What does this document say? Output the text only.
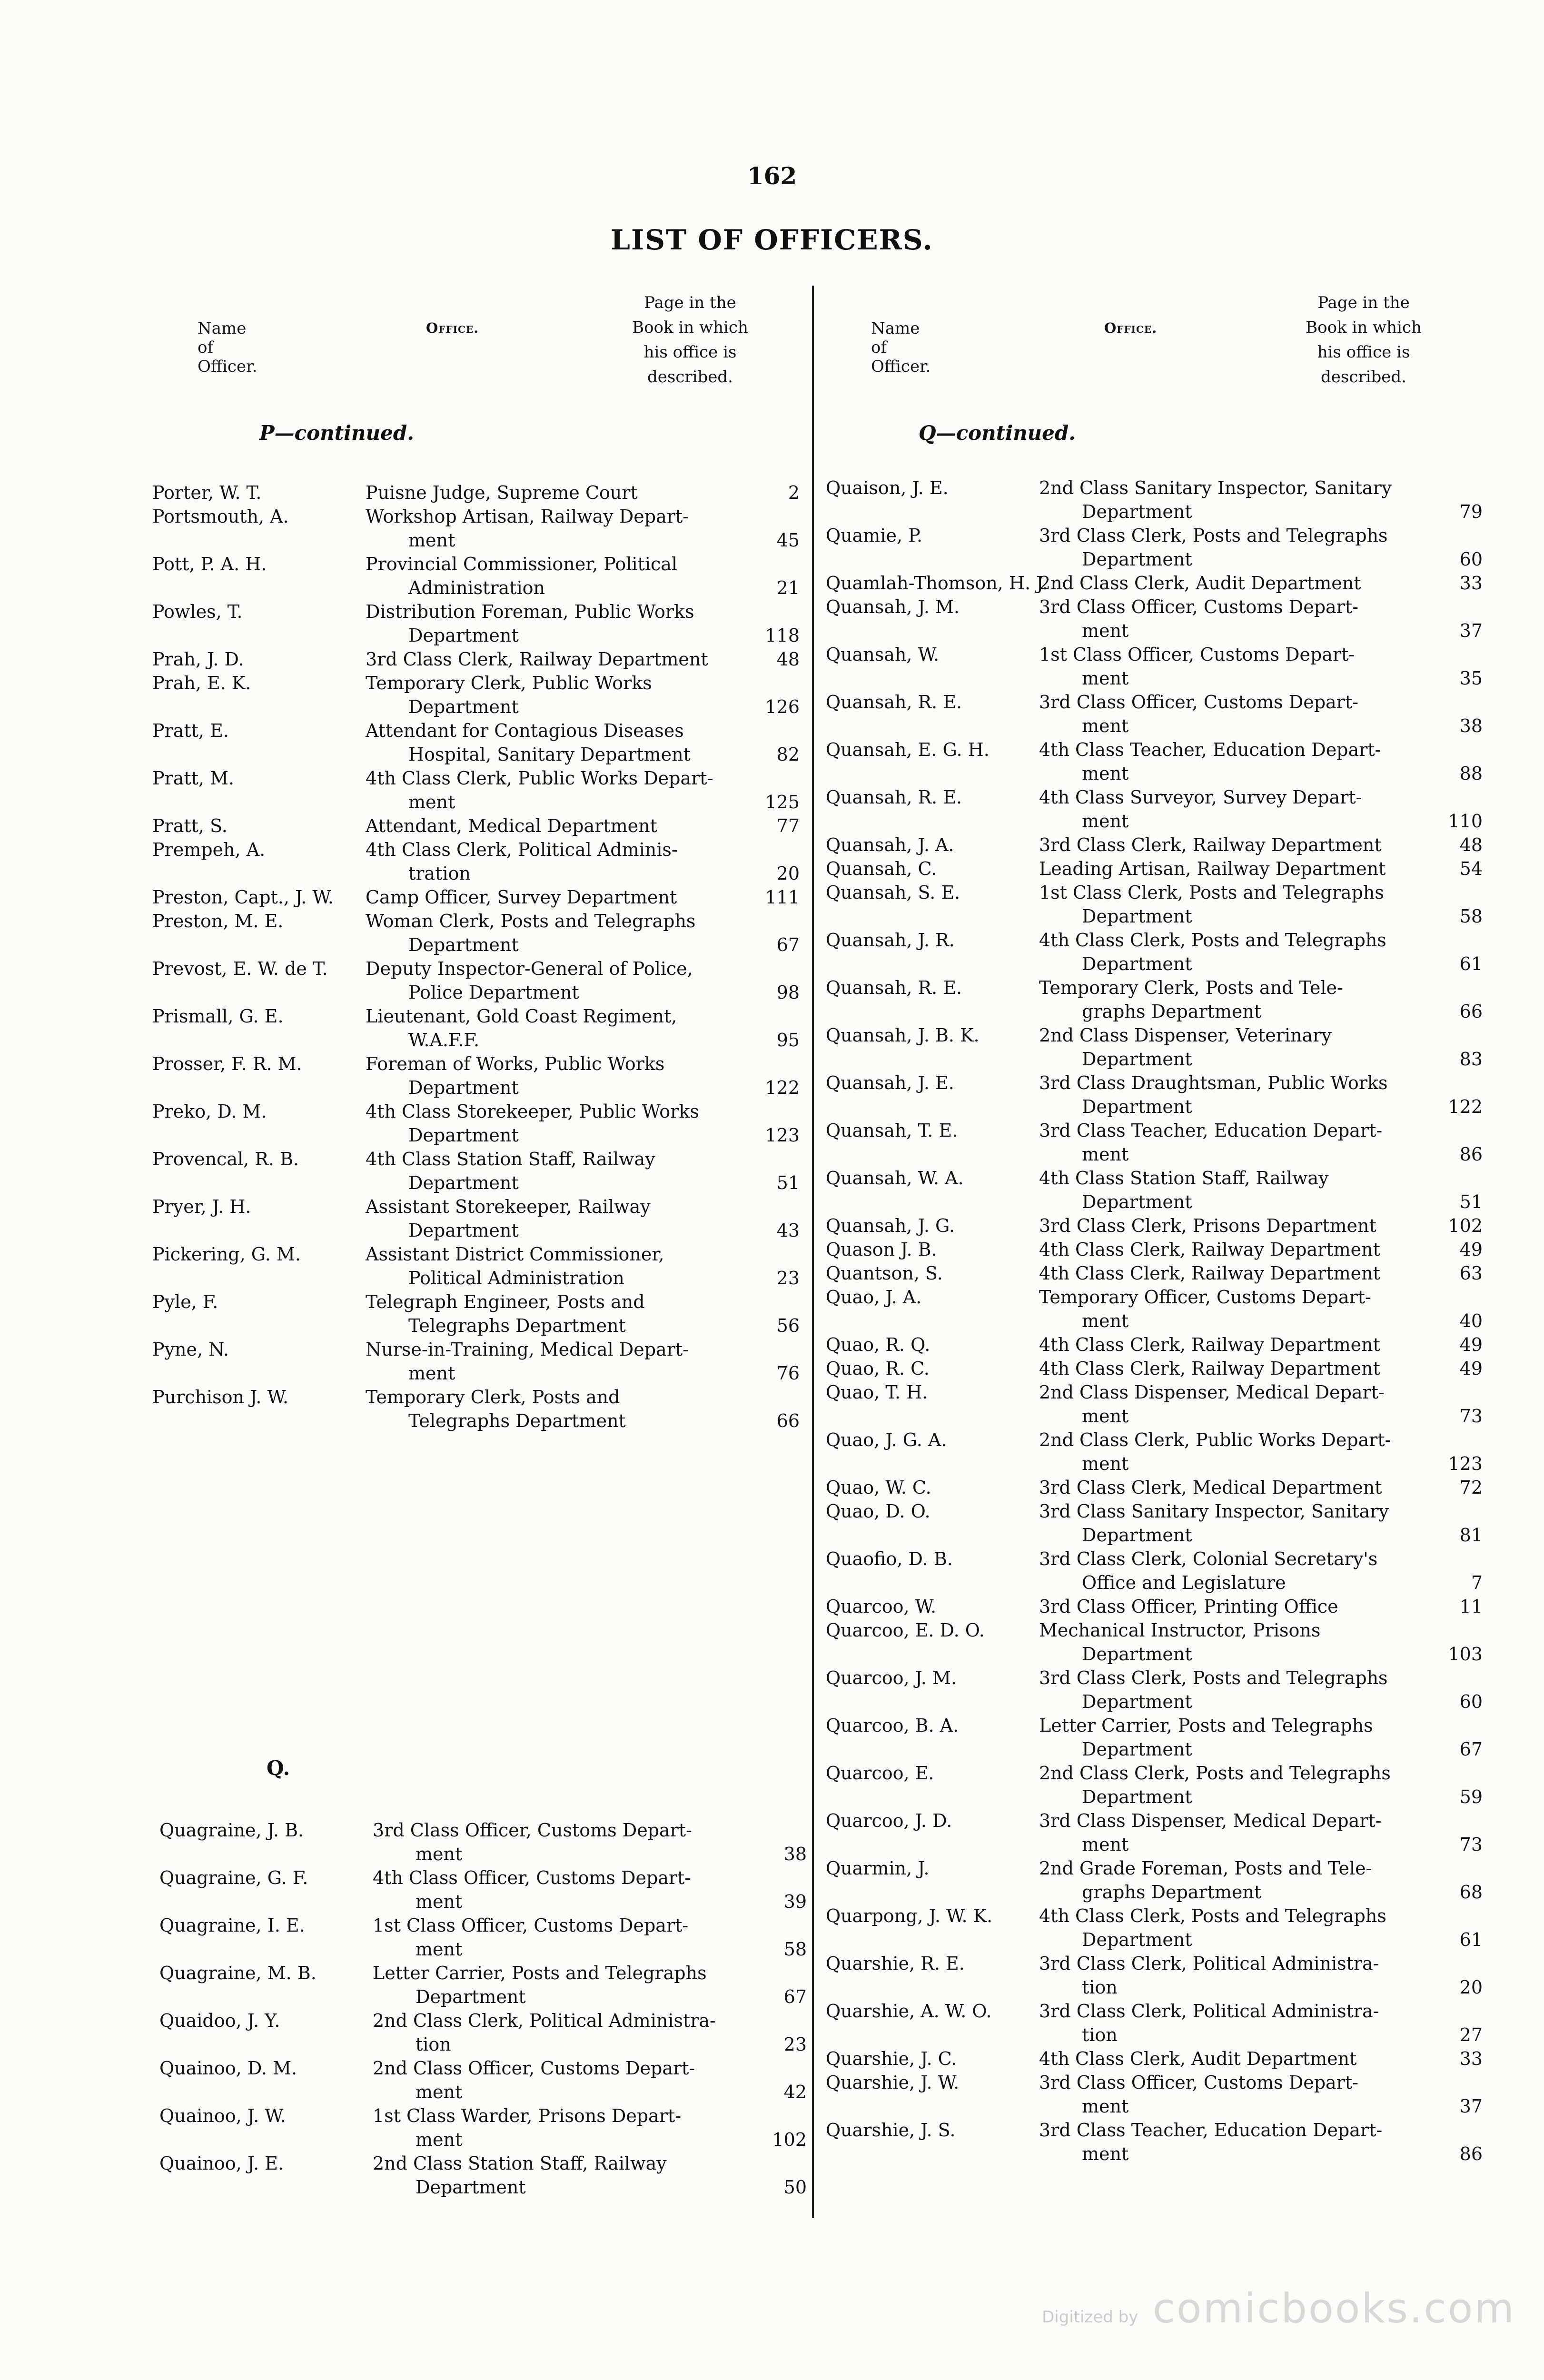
162
LIST OF OFFICERS.
Name of Officer.
Office.
Page in the
Book in which
his office is
described.
P—continued.
Porter, W. T.	Puisne Judge, Supreme Court	2
Portsmouth, A.	Workshop Artisan, Railway Depart-
ment	45
Pott, P. A. H.	Provincial Commissioner, Political
Administration	21
Powles, T.	Distribution Foreman, Public Works
Department	118
Prah, J. D.	3rd Class Clerk, Railway Department	48
Prah, E. K.	Temporary Clerk, Public Works
Department	126
Pratt, E.	Attendant for Contagious Diseases
Hospital, Sanitary Department	82
Pratt, M.	4th Class Clerk, Public Works Depart-
ment	125
Pratt, S.	Attendant, Medical Department	77
Prempeh, A.	4th Class Clerk, Political Adminis-
tration	20
Preston, Capt., J. W.	Camp Officer, Survey Department	111
Preston, M. E.	Woman Clerk, Posts and Telegraphs
Department	67
Prevost, E. W. de T.	Deputy Inspector-General of Police,
Police Department	98
Prismall, G. E.	Lieutenant, Gold Coast Regiment,
W.A.F.F.	95
Prosser, F. R. M.	Foreman of Works, Public Works
Department	122
Preko, D. M.	4th Class Storekeeper, Public Works
Department	123
Provencal, R. B.	4th Class Station Staff, Railway
Department	51
Pryer, J. H.	Assistant Storekeeper, Railway
Department	43
Pickering, G. M.	Assistant District Commissioner,
Political Administration	23
Pyle, F.	Telegraph Engineer, Posts and
Telegraphs Department	56
Pyne, N.	Nurse-in-Training, Medical Depart-
ment	76
Purchison J. W.	Temporary Clerk, Posts and
Telegraphs Department	66
Q.
Quagraine, J. B.	3rd Class Officer, Customs Depart-
ment	38
Quagraine, G. F.	4th Class Officer, Customs Depart-
ment	39
Quagraine, I. E.	1st Class Officer, Customs Depart-
ment	58
Quagraine, M. B.	Letter Carrier, Posts and Telegraphs
Department	67
Quaidoo, J. Y.	2nd Class Clerk, Political Administra-
tion	23
Quainoo, D. M.	2nd Class Officer, Customs Depart-
ment	42
Quainoo, J. W.	1st Class Warder, Prisons Depart-
ment	102
Quainoo, J. E.	2nd Class Station Staff, Railway
Department	50
Name of Officer.
Office.
Page in the
Book in which
his office is
described.
Q—continued.
Quaison, J. E.	2nd Class Sanitary Inspector, Sanitary
Department	79
Quamie, P.	3rd Class Clerk, Posts and Telegraphs
Department	60
Quamlah-Thomson, H. J.
2nd Class Clerk, Audit Department	33
Quansah, J. M.	3rd Class Officer, Customs Depart-
ment	37
Quansah, W.	1st Class Officer, Customs Depart-
ment	35
Quansah, R. E.	3rd Class Officer, Customs Depart-
ment	38
Quansah, E. G. H.	4th Class Teacher, Education Depart-
ment	88
Quansah, R. E.	4th Class Surveyor, Survey Depart-
ment	110
Quansah, J. A.	3rd Class Clerk, Railway Department	48
Quansah, C.	Leading Artisan, Railway Department	54
Quansah, S. E.	1st Class Clerk, Posts and Telegraphs
Department	58
Quansah, J. R.	4th Class Clerk, Posts and Telegraphs
Department	61
Quansah, R. E.	Temporary Clerk, Posts and Tele-
graphs Department	66
Quansah, J. B. K.	2nd Class Dispenser, Veterinary
Department	83
Quansah, J. E.	3rd Class Draughtsman, Public Works
Department	122
Quansah, T. E.	3rd Class Teacher, Education Depart-
ment	86
Quansah, W. A.	4th Class Station Staff, Railway
Department	51
Quansah, J. G.	3rd Class Clerk, Prisons Department	102
Quason J. B.	4th Class Clerk, Railway Department	49
Quantson, S.	4th Class Clerk, Railway Department	63
Quao, J. A.	Temporary Officer, Customs Depart-
ment	40
Quao, R. Q.	4th Class Clerk, Railway Department	49
Quao, R. C.	4th Class Clerk, Railway Department	49
Quao, T. H.	2nd Class Dispenser, Medical Depart-
ment	73
Quao, J. G. A.	2nd Class Clerk, Public Works Depart-
ment	123
Quao, W. C.	3rd Class Clerk, Medical Department	72
Quao, D. O.	3rd Class Sanitary Inspector, Sanitary
Department	81
Quaofio, D. B.	3rd Class Clerk, Colonial Secretary's
Office and Legislature	7
Quarcoo, W.	3rd Class Officer, Printing Office	11
Quarcoo, E. D. O.	Mechanical Instructor, Prisons
Department	103
Quarcoo, J. M.	3rd Class Clerk, Posts and Telegraphs
Department	60
Quarcoo, B. A.	Letter Carrier, Posts and Telegraphs
Department	67
Quarcoo, E.	2nd Class Clerk, Posts and Telegraphs
Department	59
Quarcoo, J. D.	3rd Class Dispenser, Medical Depart-
ment	73
Quarmin, J.	2nd Grade Foreman, Posts and Tele-
graphs Department	68
Quarpong, J. W. K.	4th Class Clerk, Posts and Telegraphs
Department	61
Quarshie, R. E.	3rd Class Clerk, Political Administra-
tion	20
Quarshie, A. W. O.	3rd Class Clerk, Political Administra-
tion	27
Quarshie, J. C.	4th Class Clerk, Audit Department	33
Quarshie, J. W.	3rd Class Officer, Customs Depart-
ment	37
Quarshie, J. S.	3rd Class Teacher, Education Depart-
ment	86
Digitized by comicbooks.com
